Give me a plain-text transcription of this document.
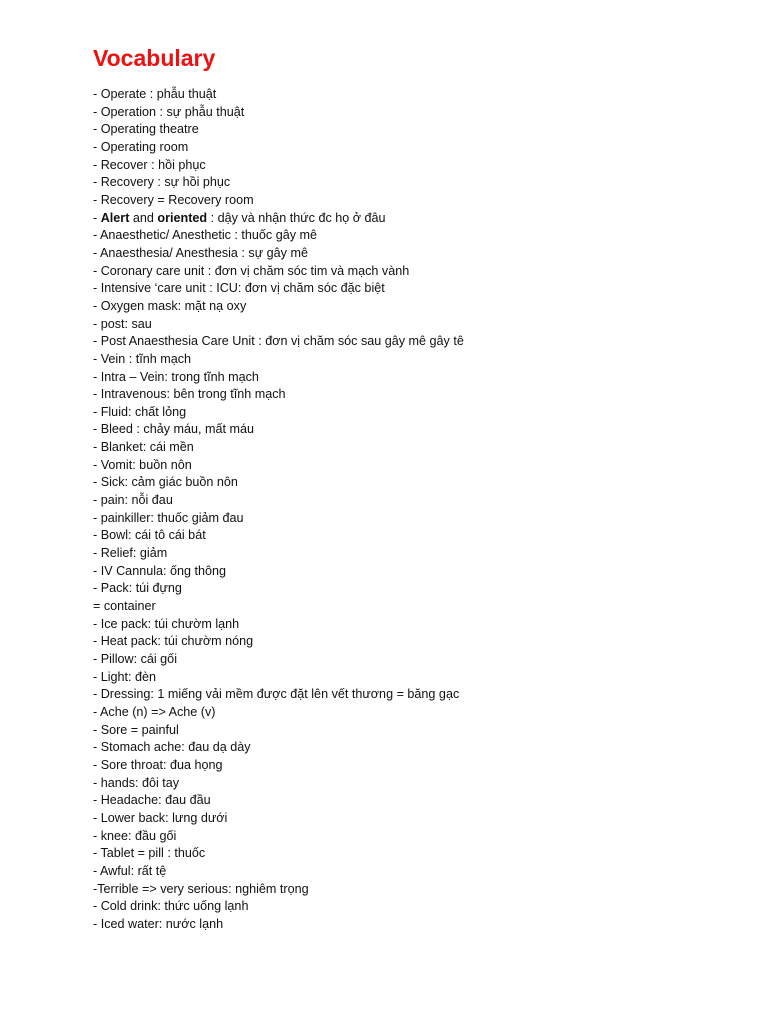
Vocabulary
- Operate : phẫu thuật
- Operation : sự phẫu thuật
- Operating theatre
- Operating room
- Recover : hồi phục
- Recovery : sự hồi phục
- Recovery = Recovery room
- Alert and oriented : dậy và nhận thức đc họ ở đâu
- Anaesthetic/ Anesthetic : thuốc gây mê
- Anaesthesia/ Anesthesia : sự gây mê
- Coronary care unit : đơn vị chăm sóc tim và mạch vành
- Intensive ‘care unit : ICU: đơn vị chăm sóc đặc biệt
- Oxygen mask: mặt nạ oxy
- post: sau
- Post Anaesthesia Care Unit : đơn vị chăm sóc sau gây mê gây tê
- Vein : tĩnh mạch
- Intra – Vein: trong tĩnh mạch
- Intravenous: bên trong tĩnh mạch
- Fluid: chất lỏng
- Bleed : chảy máu, mất máu
- Blanket: cái mền
- Vomit: buồn nôn
- Sick: cảm giác buồn nôn
- pain: nỗi đau
- painkiller: thuốc giảm đau
- Bowl: cái tô cái bát
- Relief: giảm
- IV Cannula: ống thông
- Pack: túi đựng
= container
- Ice pack: túi chườm lạnh
- Heat pack: túi chườm nóng
- Pillow: cái gối
- Light: đèn
- Dressing: 1 miếng vải mềm được đặt lên vết thương = băng gạc
- Ache (n) => Ache (v)
- Sore = painful
- Stomach ache: đau dạ dày
- Sore throat: đua họng
- hands: đôi tay
- Headache: đau đầu
- Lower back: lưng dưới
- knee: đầu gối
- Tablet = pill : thuốc
- Awful: rất tệ
-Terrible => very serious: nghiêm trọng
- Cold drink: thức uống lạnh
- Iced water: nước lạnh
